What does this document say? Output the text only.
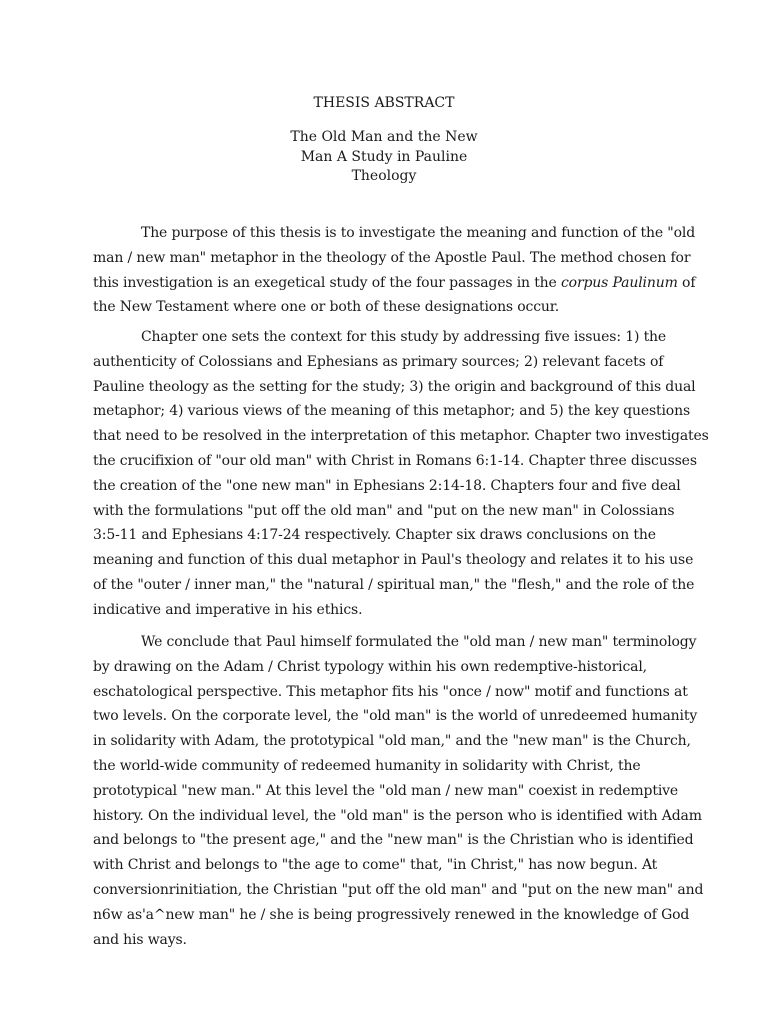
THESIS ABSTRACT
The Old Man and the New
Man A Study in Pauline
Theology
The purpose of this thesis is to investigate the meaning and function of the "old
man / new man" metaphor in the theology of the Apostle Paul. The method chosen for
this investigation is an exegetical study of the four passages in the corpus Paulinum of
the New Testament where one or both of these designations occur.
Chapter one sets the context for this study by addressing five issues: 1) the
authenticity of Colossians and Ephesians as primary sources; 2) relevant facets of
Pauline theology as the setting for the study; 3) the origin and background of this dual
metaphor; 4) various views of the meaning of this metaphor; and 5) the key questions
that need to be resolved in the interpretation of this metaphor. Chapter two investigates
the crucifixion of "our old man" with Christ in Romans 6:1-14. Chapter three discusses
the creation of the "one new man" in Ephesians 2:14-18. Chapters four and five deal
with the formulations "put off the old man" and "put on the new man" in Colossians
3:5-11 and Ephesians 4:17-24 respectively. Chapter six draws conclusions on the
meaning and function of this dual metaphor in Paul's theology and relates it to his use
of the "outer / inner man," the "natural / spiritual man," the "flesh," and the role of the
indicative and imperative in his ethics.
We conclude that Paul himself formulated the "old man / new man" terminology
by drawing on the Adam / Christ typology within his own redemptive-historical,
eschatological perspective. This metaphor fits his "once / now" motif and functions at
two levels. On the corporate level, the "old man" is the world of unredeemed humanity
in solidarity with Adam, the prototypical "old man," and the "new man" is the Church,
the world-wide community of redeemed humanity in solidarity with Christ, the
prototypical "new man." At this level the "old man / new man" coexist in redemptive
history. On the individual level, the "old man" is the person who is identified with Adam
and belongs to "the present age," and the "new man" is the Christian who is identified
with Christ and belongs to "the age to come" that, "in Christ," has now begun. At
conversionrinitiation, the Christian "put off the old man" and "put on the new man" and
n6w as'a^new man" he / she is being progressively renewed in the knowledge of God
and his ways.
